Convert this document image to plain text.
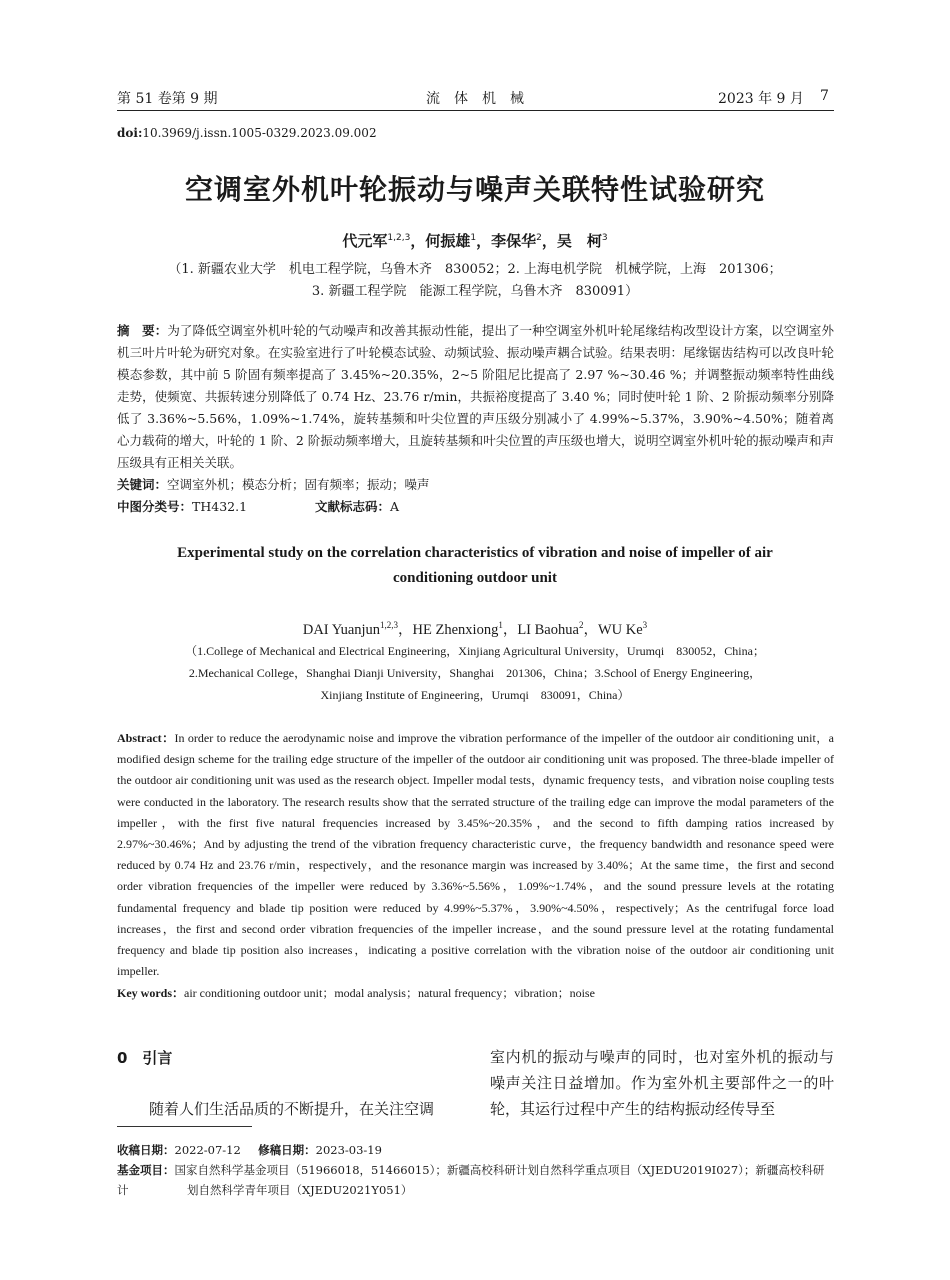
第 51 卷第 9 期	流　体　机　械	2023 年 9 月 7
doi:10.3969/j.issn.1005-0329.2023.09.002
空调室外机叶轮振动与噪声关联特性试验研究
代元军$^{1,2,3}$，何振雄$^1$，李保华$^2$，吴　柯$^3$
（1. 新疆农业大学　机电工程学院，乌鲁木齐　830052；2. 上海电机学院　机械学院，上海　201306；
3. 新疆工程学院　能源工程学院，乌鲁木齐　830091）
摘　要：为了降低空调室外机叶轮的气动噪声和改善其振动性能，提出了一种空调室外机叶轮尾缘结构改型设计方案，以空调室外机三叶片叶轮为研究对象。在实验室进行了叶轮模态试验、动频试验、振动噪声耦合试验。结果表明：尾缘锯齿结构可以改良叶轮模态参数，其中前 5 阶固有频率提高了 3.45%~20.35%，2~5 阶阻尼比提高了 2.97 %~30.46 %；并调整振动频率特性曲线走势，使频宽、共振转速分别降低了 0.74 Hz、23.76 r/min，共振裕度提高了 3.40 %；同时使叶轮 1 阶、2 阶振动频率分别降低了 3.36%~5.56%，1.09%~1.74%，旋转基频和叶尖位置的声压级分别减小了 4.99%~5.37%，3.90%~4.50%；随着离心力载荷的增大，叶轮的 1 阶、2 阶振动频率增大，且旋转基频和叶尖位置的声压级也增大，说明空调室外机叶轮的振动噪声和声压级具有正相关关联。
关键词：空调室外机；模态分析；固有频率；振动；噪声
中图分类号：TH432.1	文献标志码：A
Experimental study on the correlation characteristics of vibration and noise of impeller of air conditioning outdoor unit
DAI Yuanjun$^{1,2,3}$，HE Zhenxiong$^1$，LI Baohua$^2$，WU Ke$^3$
（1.College of Mechanical and Electrical Engineering，Xinjiang Agricultural University，Urumqi　830052，China；
2.Mechanical College，Shanghai Dianji University，Shanghai　201306，China；3.School of Energy Engineering，
Xinjiang Institute of Engineering，Urumqi　830091，China）
Abstract：In order to reduce the aerodynamic noise and improve the vibration performance of the impeller of the outdoor air conditioning unit，a modified design scheme for the trailing edge structure of the impeller of the outdoor air conditioning unit was proposed. The three-blade impeller of the outdoor air conditioning unit was used as the research object. Impeller modal tests，dynamic frequency tests，and vibration noise coupling tests were conducted in the laboratory. The research results show that the serrated structure of the trailing edge can improve the modal parameters of the impeller，with the first five natural frequencies increased by 3.45%~20.35%，and the second to fifth damping ratios increased by 2.97%~30.46%；And by adjusting the trend of the vibration frequency characteristic curve，the frequency bandwidth and resonance speed were reduced by 0.74 Hz and 23.76 r/min，respectively，and the resonance margin was increased by 3.40%；At the same time，the first and second order vibration frequencies of the impeller were reduced by 3.36%~5.56%，1.09%~1.74%，and the sound pressure levels at the rotating fundamental frequency and blade tip position were reduced by 4.99%~5.37%，3.90%~4.50%，respectively；As the centrifugal force load increases，the first and second order vibration frequencies of the impeller increase，and the sound pressure level at the rotating fundamental frequency and blade tip position also increases，indicating a positive correlation with the vibration noise of the outdoor air conditioning unit impeller.
Key words：air conditioning outdoor unit；modal analysis；natural frequency；vibration；noise
0　引言
随着人们生活品质的不断提升，在关注空调
室内机的振动与噪声的同时，也对室外机的振动与噪声关注日益增加。作为室外机主要部件之一的叶轮，其运行过程中产生的结构振动经传导至
收稿日期：2022-07-12 修稿日期：2023-03-19
基金项目：国家自然科学基金项目（51966018，51466015）；新疆高校科研计划自然科学重点项目（XJEDU2019I027）；新疆高校科研计	划自然科学青年项目（XJEDU2021Y051）
